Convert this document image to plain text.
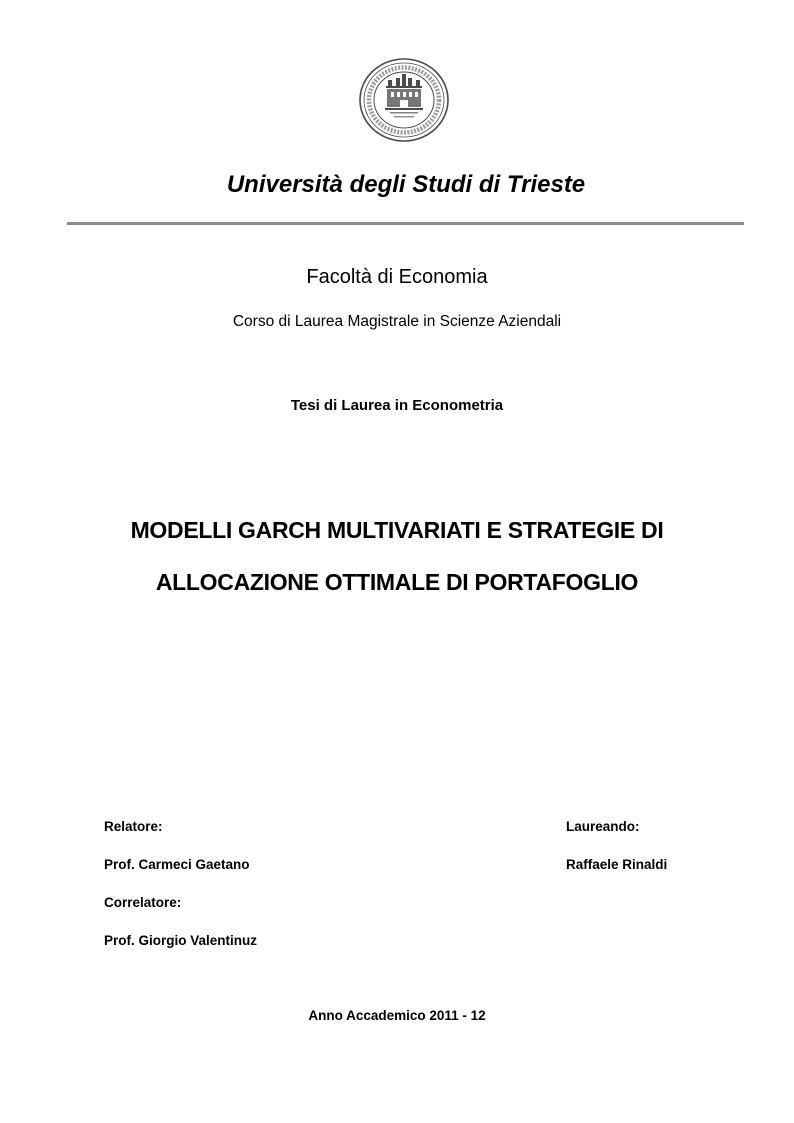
Università degli Studi di Trieste
Facoltà di Economia
Corso di Laurea Magistrale in Scienze Aziendali
Tesi di Laurea in Econometria
MODELLI GARCH MULTIVARIATI E STRATEGIE DI
ALLOCAZIONE OTTIMALE DI PORTAFOGLIO
Relatore:	Laureando:
Prof. Carmeci Gaetano	Raffaele Rinaldi
Correlatore:
Prof. Giorgio Valentinuz
Anno Accademico 2011 - 12
